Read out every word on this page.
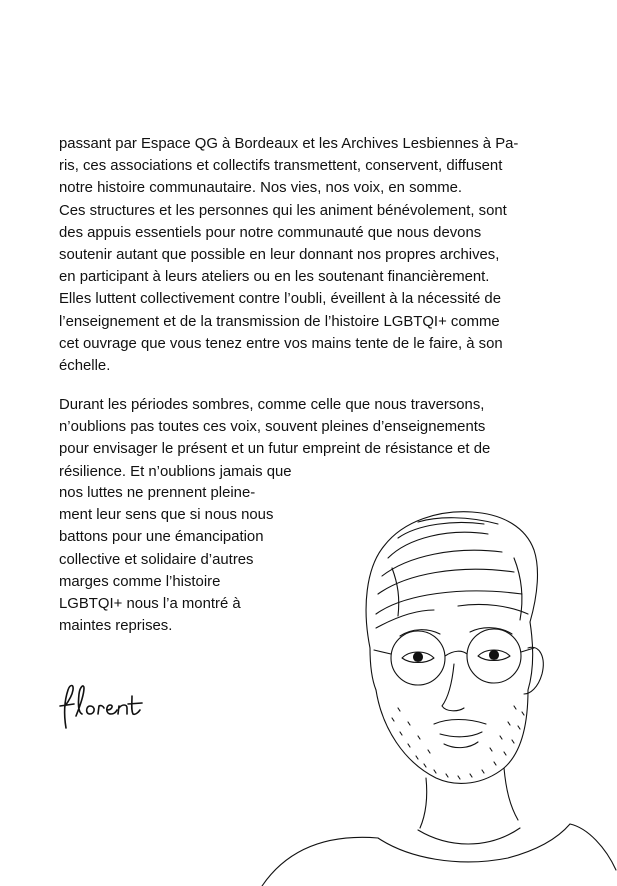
passant par Espace QG à Bordeaux et les Archives Lesbiennes à Pa-
ris, ces associations et collectifs transmettent, conservent, diffusent
notre histoire communautaire. Nos vies, nos voix, en somme.
Ces structures et les personnes qui les animent bénévolement, sont
des appuis essentiels pour notre communauté que nous devons
soutenir autant que possible en leur donnant nos propres archives,
en participant à leurs ateliers ou en les soutenant financièrement.
Elles luttent collectivement contre l’oubli, éveillent à la nécessité de
l’enseignement et de la transmission de l’histoire LGBTQI+ comme
cet ouvrage que vous tenez entre vos mains tente de le faire, à son
échelle.
Durant les périodes sombres, comme celle que nous traversons,
n’oublions pas toutes ces voix, souvent pleines d’enseignements
pour envisager le présent et un futur empreint de résistance et de
résilience. Et n’oublions jamais que
nos luttes ne prennent pleine-
ment leur sens que si nous nous
battons pour une émancipation
collective et solidaire d’autres
marges comme l’histoire
LGBTQI+ nous l’a montré à
maintes reprises.
